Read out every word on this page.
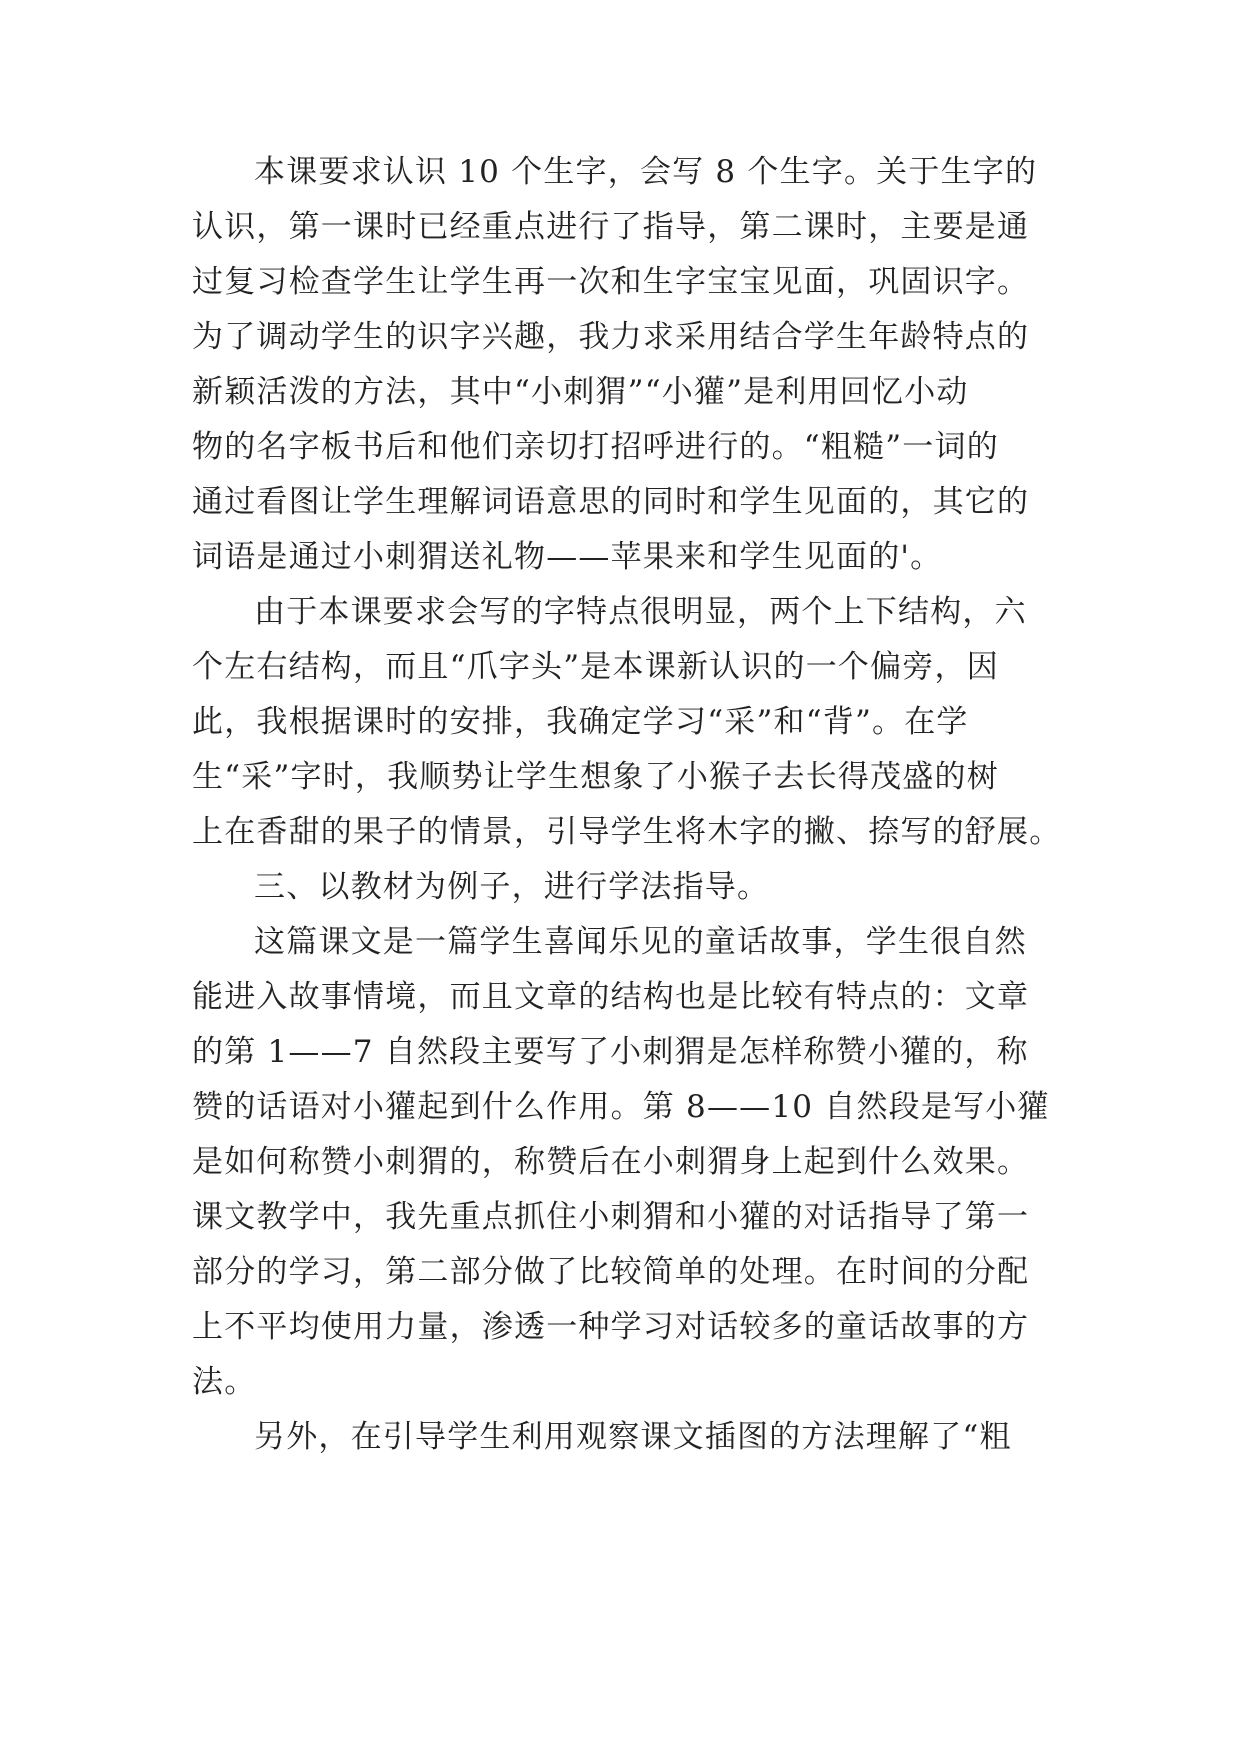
本课要求认识 10 个生字，会写 8 个生字。关于生字的
认识，第一课时已经重点进行了指导，第二课时，主要是通
过复习检查学生让学生再一次和生字宝宝见面，巩固识字。
为了调动学生的识字兴趣，我力求采用结合学生年龄特点的
新颖活泼的方法，其中“小刺猬”“小獾”是利用回忆小动
物的名字板书后和他们亲切打招呼进行的。“粗糙”一词的
通过看图让学生理解词语意思的同时和学生见面的，其它的
词语是通过小刺猬送礼物——苹果来和学生见面的'。
由于本课要求会写的字特点很明显，两个上下结构，六
个左右结构，而且“爪字头”是本课新认识的一个偏旁，因
此，我根据课时的安排，我确定学习“采”和“背”。在学
生“采”字时，我顺势让学生想象了小猴子去长得茂盛的树
上在香甜的果子的情景，引导学生将木字的撇、捺写的舒展。
三、以教材为例子，进行学法指导。
这篇课文是一篇学生喜闻乐见的童话故事，学生很自然
能进入故事情境，而且文章的结构也是比较有特点的：文章
的第 1——7 自然段主要写了小刺猬是怎样称赞小獾的，称
赞的话语对小獾起到什么作用。第 8——10 自然段是写小獾
是如何称赞小刺猬的，称赞后在小刺猬身上起到什么效果。
课文教学中，我先重点抓住小刺猬和小獾的对话指导了第一
部分的学习，第二部分做了比较简单的处理。在时间的分配
上不平均使用力量，渗透一种学习对话较多的童话故事的方
法。
另外，在引导学生利用观察课文插图的方法理解了“粗
